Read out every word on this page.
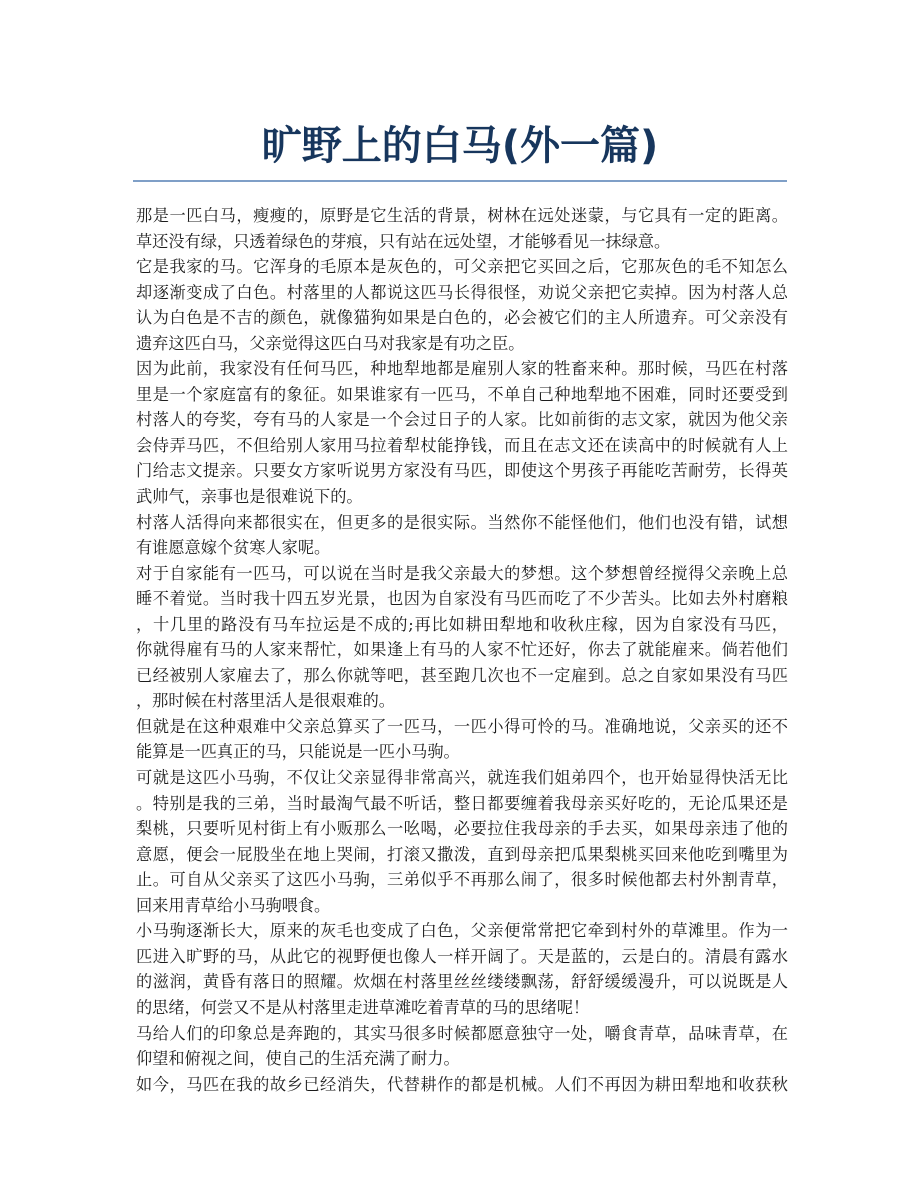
旷野上的白马(外一篇)
那是一匹白马，瘦瘦的，原野是它生活的背景，树林在远处迷蒙，与它具有一定的距离。
草还没有绿，只透着绿色的芽痕，只有站在远处望，才能够看见一抹绿意。
它是我家的马。它浑身的毛原本是灰色的，可父亲把它买回之后，它那灰色的毛不知怎么
却逐渐变成了白色。村落里的人都说这匹马长得很怪，劝说父亲把它卖掉。因为村落人总
认为白色是不吉的颜色，就像猫狗如果是白色的，必会被它们的主人所遗弃。可父亲没有
遗弃这匹白马，父亲觉得这匹白马对我家是有功之臣。
因为此前，我家没有任何马匹，种地犁地都是雇别人家的牲畜来种。那时候，马匹在村落
里是一个家庭富有的象征。如果谁家有一匹马，不单自己种地犁地不困难，同时还要受到
村落人的夸奖，夸有马的人家是一个会过日子的人家。比如前街的志文家，就因为他父亲
会侍弄马匹，不但给别人家用马拉着犁杖能挣钱，而且在志文还在读高中的时候就有人上
门给志文提亲。只要女方家听说男方家没有马匹，即使这个男孩子再能吃苦耐劳，长得英
武帅气，亲事也是很难说下的。
村落人活得向来都很实在，但更多的是很实际。当然你不能怪他们，他们也没有错，试想
有谁愿意嫁个贫寒人家呢。
对于自家能有一匹马，可以说在当时是我父亲最大的梦想。这个梦想曾经搅得父亲晚上总
睡不着觉。当时我十四五岁光景，也因为自家没有马匹而吃了不少苦头。比如去外村磨粮
，十几里的路没有马车拉运是不成的;再比如耕田犁地和收秋庄稼，因为自家没有马匹，
你就得雇有马的人家来帮忙，如果逢上有马的人家不忙还好，你去了就能雇来。倘若他们
已经被别人家雇去了，那么你就等吧，甚至跑几次也不一定雇到。总之自家如果没有马匹
，那时候在村落里活人是很艰难的。
但就是在这种艰难中父亲总算买了一匹马，一匹小得可怜的马。准确地说，父亲买的还不
能算是一匹真正的马，只能说是一匹小马驹。
可就是这匹小马驹，不仅让父亲显得非常高兴，就连我们姐弟四个，也开始显得快活无比
。特别是我的三弟，当时最淘气最不听话，整日都要缠着我母亲买好吃的，无论瓜果还是
梨桃，只要听见村街上有小贩那么一吆喝，必要拉住我母亲的手去买，如果母亲违了他的
意愿，便会一屁股坐在地上哭闹，打滚又撒泼，直到母亲把瓜果梨桃买回来他吃到嘴里为
止。可自从父亲买了这匹小马驹，三弟似乎不再那么闹了，很多时候他都去村外割青草，
回来用青草给小马驹喂食。
小马驹逐渐长大，原来的灰毛也变成了白色，父亲便常常把它牵到村外的草滩里。作为一
匹进入旷野的马，从此它的视野便也像人一样开阔了。天是蓝的，云是白的。清晨有露水
的滋润，黄昏有落日的照耀。炊烟在村落里丝丝缕缕飘荡，舒舒缓缓漫升，可以说既是人
的思绪，何尝又不是从村落里走进草滩吃着青草的马的思绪呢！
马给人们的印象总是奔跑的，其实马很多时候都愿意独守一处，嚼食青草，品味青草，在
仰望和俯视之间，使自己的生活充满了耐力。
如今，马匹在我的故乡已经消失，代替耕作的都是机械。人们不再因为耕田犁地和收获秋
